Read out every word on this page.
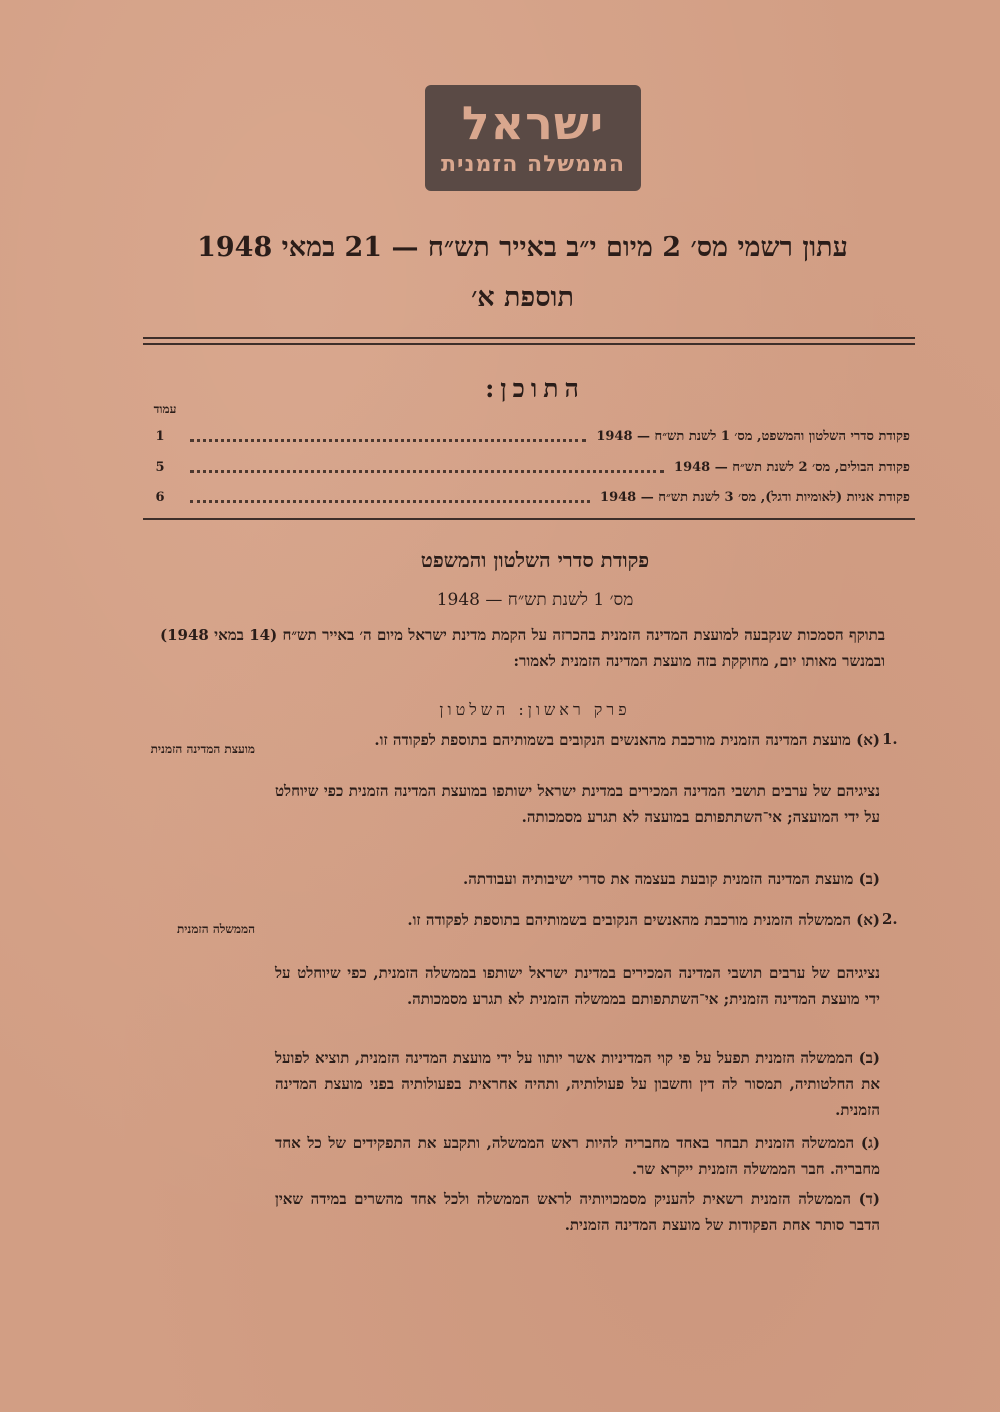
ישראל
הממשלה הזמנית
עתון רשמי מס׳ 2 מיום י״ב באייר תש״ח — 21 במאי 1948
תוספת א׳
התוכן:
עמוד
פקודת סדרי השלטון והמשפט, מס׳ 1 לשנת תש״ח — 1948
1
פקודת הבולים, מס׳ 2 לשנת תש״ח — 1948
5
פקודת אניות (לאומיות ודגל), מס׳ 3 לשנת תש״ח — 1948
6
פקודת סדרי השלטון והמשפט
מס׳ 1 לשנת תש״ח — 1948
בתוקף הסמכות שנקבעה למועצת המדינה הזמנית בהכרזה על הקמת מדינת ישראל מיום ה׳ באייר תש״ח (14 במאי 1948) ובמנשר מאותו יום, מחוקקת בזה מועצת המדינה הזמנית לאמור:
פרק ראשון: השלטון
1.
מועצת המדינה הזמנית	(א) מועצת המדינה הזמנית מורכבת מהאנשים הנקובים בשמותיהם בתוספת לפקודה זו.
נציגיהם של ערבים תושבי המדינה המכירים במדינת ישראל ישותפו במועצת המדינה הזמנית כפי שיוחלט על ידי המועצה; אי־השתתפותם במועצה לא תגרע מסמכותה.
(ב) מועצת המדינה הזמנית קובעת בעצמה את סדרי ישיבותיה ועבודתה.
2.
הממשלה הזמנית	(א) הממשלה הזמנית מורכבת מהאנשים הנקובים בשמותיהם בתוספת לפקודה זו.
נציגיהם של ערבים תושבי המדינה המכירים במדינת ישראל ישותפו בממשלה הזמנית, כפי שיוחלט על ידי מועצת המדינה הזמנית; אי־השתתפותם בממשלה הזמנית לא תגרע מסמכותה.
(ב) הממשלה הזמנית תפעל על פי קוי המדיניות אשר יותוו על ידי מועצת המדינה הזמנית, תוציא לפועל את החלטותיה, תמסור לה דין וחשבון על פעולותיה, ותהיה אחראית בפעולותיה בפני מועצת המדינה הזמנית.
(ג) הממשלה הזמנית תבחר באחד מחבריה להיות ראש הממשלה, ותקבע את התפקידים של כל אחד מחבריה. חבר הממשלה הזמנית ייקרא שר.
(ד) הממשלה הזמנית רשאית להעניק מסמכויותיה לראש הממשלה ולכל אחד מהשרים במידה שאין הדבר סותר אחת הפקודות של מועצת המדינה הזמנית.
